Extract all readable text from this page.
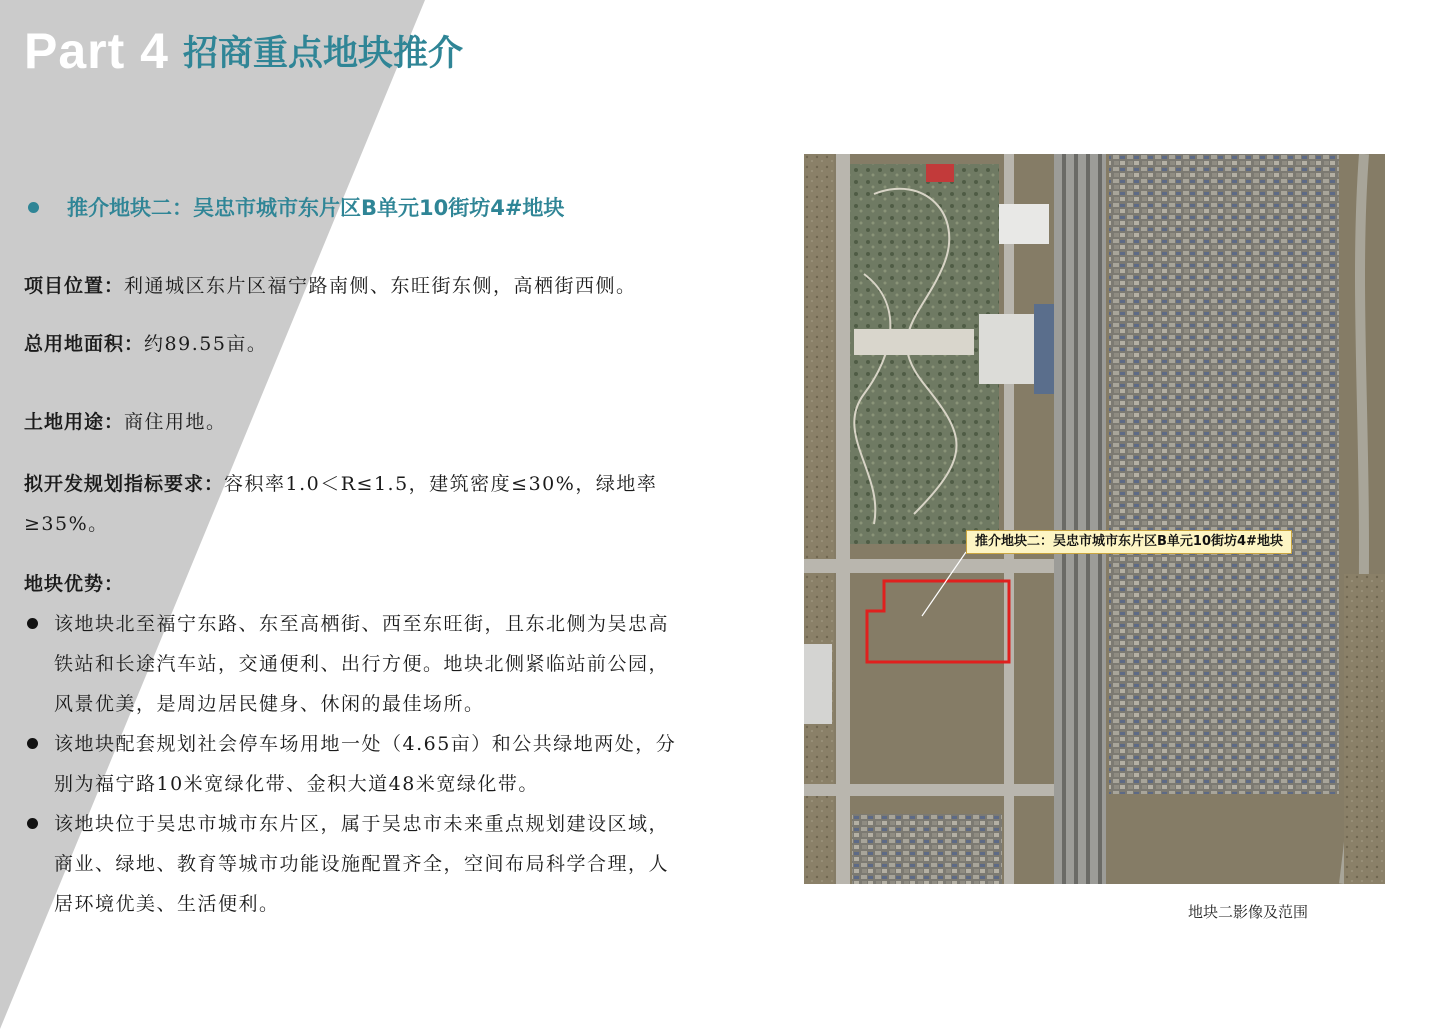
Part 4 招商重点地块推介
推介地块二：吴忠市城市东片区B单元10街坊4#地块

项目位置：利通城区东片区福宁路南侧、东旺街东侧，高栖街西侧。

总用地面积：约89.55亩。

土地用途：商住用地。

拟开发规划指标要求：容积率1.0＜R≤1.5，建筑密度≤30%，绿地率≥35%。

地块优势：

该地块北至福宁东路、东至高栖街、西至东旺街，且东北侧为吴忠高铁站和长途汽车站，交通便利、出行方便。地块北侧紧临站前公园，风景优美，是周边居民健身、休闲的最佳场所。
该地块配套规划社会停车场用地一处（4.65亩）和公共绿地两处，分别为福宁路10米宽绿化带、金积大道48米宽绿化带。
该地块位于吴忠市城市东片区，属于吴忠市未来重点规划建设区域，商业、绿地、教育等城市功能设施配置齐全，空间布局科学合理，人居环境优美、生活便利。
推介地块二：吴忠市城市东片区B单元10街坊4#地块
地块二影像及范围
